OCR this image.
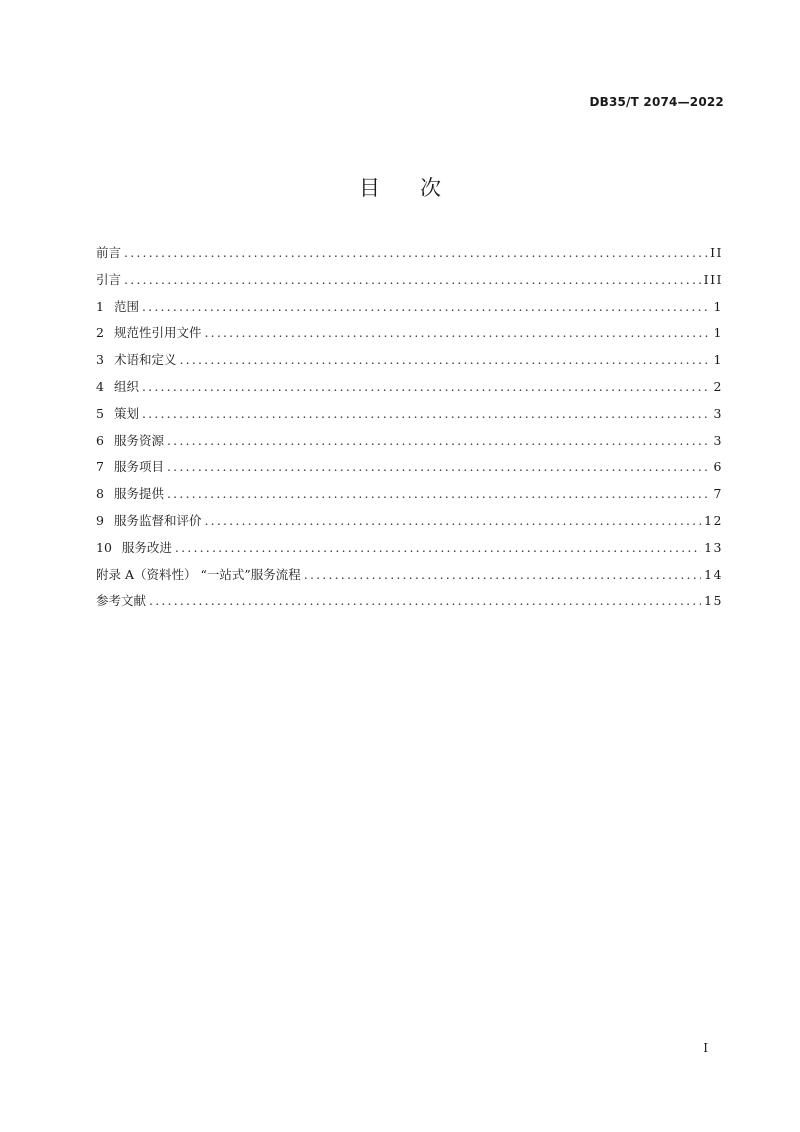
DB35/T 2074—2022
目 次
前言 .....	II
引言 .....	III
1 范围 .....	1
2 规范性引用文件 .....	1
3 术语和定义 .....	1
4 组织 .....	2
5 策划 .....	3
6 服务资源 .....	3
7 服务项目 .....	6
8 服务提供 .....	7
9 服务监督和评价 .....	12
10 服务改进 .....	13
附录 A（资料性） “一站式”服务流程 .....	14
参考文献 .....	15
I
